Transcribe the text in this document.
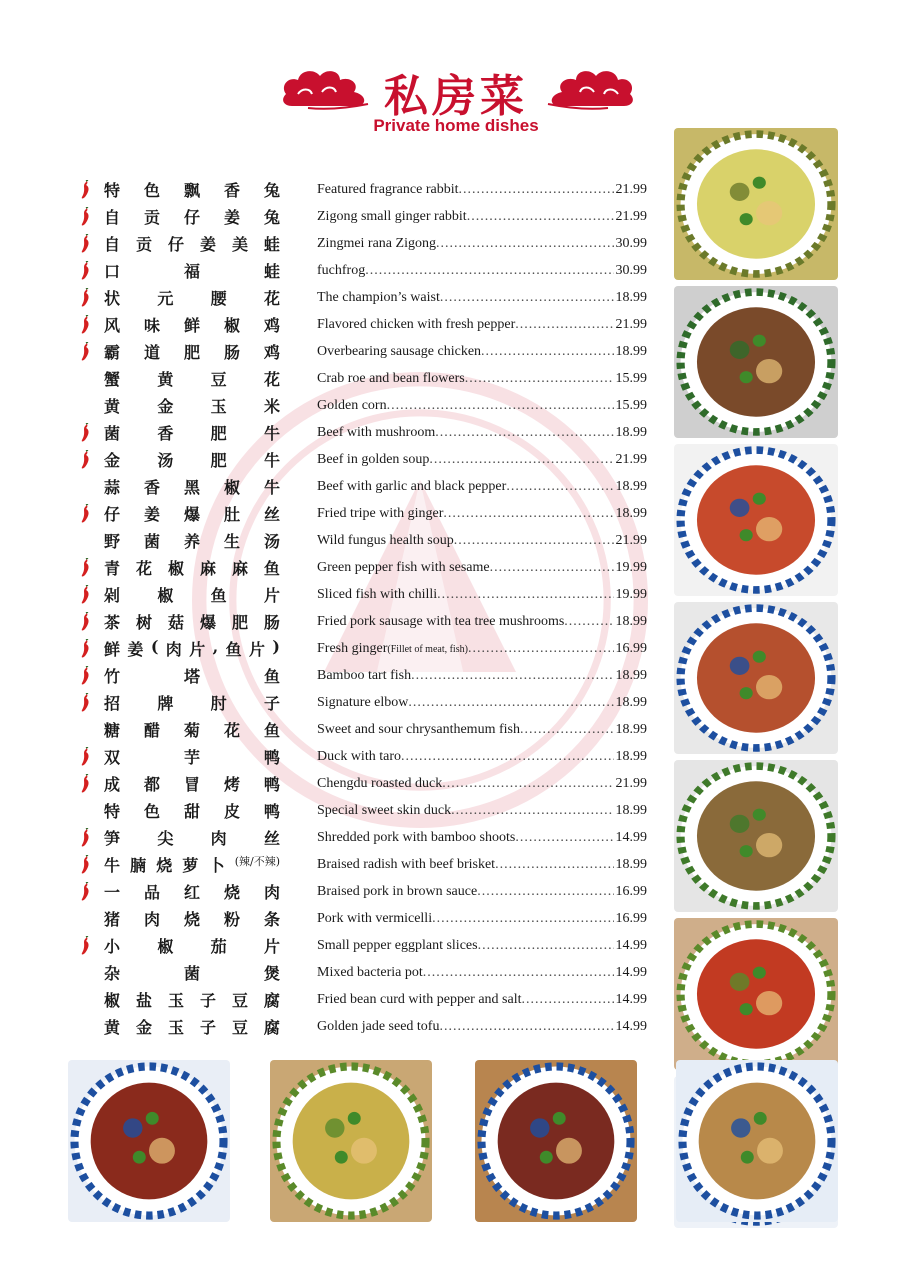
私房菜
Private home dishes
特 色 飘 香 兔	Featured fragrance rabbit .....	21.99
自 贡 仔 姜 兔	Zigong small ginger rabbit .....	21.99
自 贡 仔 姜 美 蛙	Zingmei rana Zigong .....	30.99
口	福	蛙	fuchfrog .....	30.99
状 元 腰 花	The champion’s waist .....	18.99
风 味 鲜 椒 鸡	Flavored chicken with fresh pepper .....	21.99
霸 道 肥 肠 鸡	Overbearing sausage chicken .....	18.99
蟹 黄 豆 花	Crab roe and bean flowers .....	15.99
黄 金 玉 米	Golden corn .....	15.99
菌 香 肥 牛	Beef with mushroom .....	18.99
金 汤 肥 牛	Beef in golden soup .....	21.99
蒜 香 黑 椒 牛	Beef with garlic and black pepper .....	18.99
仔 姜 爆 肚 丝	Fried tripe with ginger .....	18.99
野 菌 养 生 汤	Wild fungus health soup .....	21.99
青 花 椒 麻 麻 鱼	Green pepper fish with sesame .....	19.99
剁 椒 鱼 片	Sliced fish with chilli .....	19.99
茶 树 菇 爆 肥 肠	Fried pork sausage with tea tree mushrooms .....	18.99
鲜 姜 ( 肉 片 , 鱼 片 )	Fresh ginger (Fillet of meat, fish) .....	16.99
竹	塔	鱼	Bamboo tart fish .....	18.99
招 牌 肘 子	Signature elbow .....	18.99
糖 醋 菊 花 鱼	Sweet and sour chrysanthemum fish .....	18.99
双	芋	鸭	Duck with taro .....	18.99
成 都 冒 烤 鸭	Chengdu roasted duck .....	21.99
特 色 甜 皮 鸭	Special sweet skin duck .....	18.99
笋 尖 肉 丝	Shredded pork with bamboo shoots .....	14.99
牛 腩 烧 萝 卜 (辣/不辣)	Braised radish with beef brisket .....	18.99
一 品 红 烧 肉	Braised pork in brown sauce .....	16.99
猪 肉 烧 粉 条	Pork with vermicelli .....	16.99
小 椒 茄 片	Small pepper eggplant slices .....	14.99
杂	菌	煲	Mixed bacteria pot .....	14.99
椒 盐 玉 子 豆 腐	Fried bean curd with pepper and salt .....	14.99
黄 金 玉 子 豆 腐	Golden jade seed tofu .....	14.99
